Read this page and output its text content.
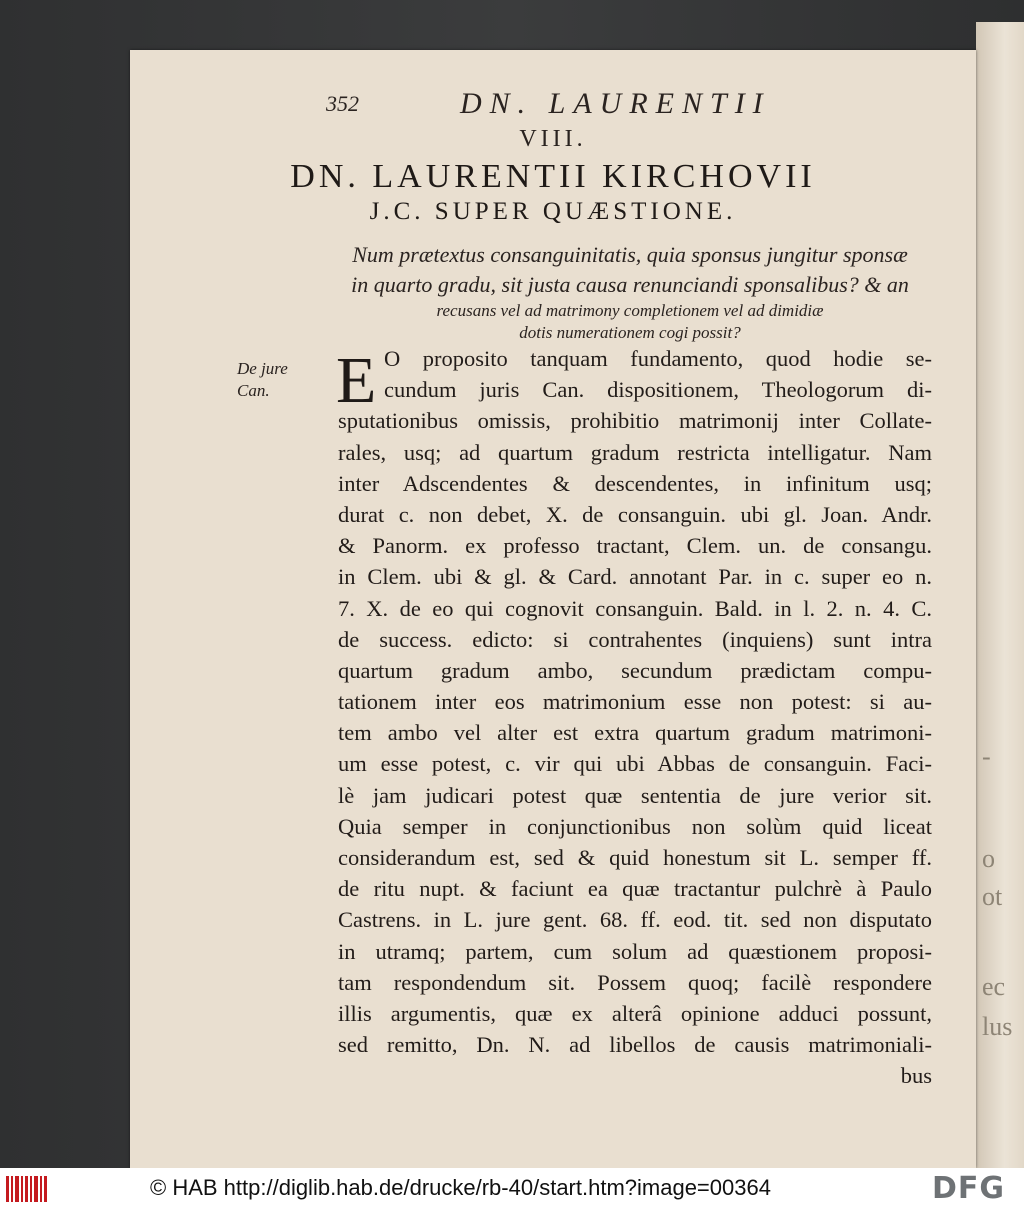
-
o
ot
ec
lus
352	DN. LAURENTII
VIII.
DN. LAURENTII KIRCHOVII
J.C. SUPER QUÆSTIONE.
Num prætextus consanguinitatis, quia sponsus jungitur sponsæ
in quarto gradu, sit justa causa renunciandi sponsalibus? & an
recusans vel ad matrimony completionem vel ad dimidiæ
dotis numerationem cogi possit?
De jure
Can. E O proposito tanquam fundamento, quod hodie se-
cundum juris Can. dispositionem, Theologorum di-
sputationibus omissis, prohibitio matrimonij inter Collate-
rales, usq; ad quartum gradum restricta intelligatur. Nam
inter Adscendentes & descendentes, in infinitum usq;
durat c. non debet, X. de consanguin. ubi gl. Joan. Andr.
& Panorm. ex professo tractant, Clem. un. de consangu.
in Clem. ubi & gl. & Card. annotant Par. in c. super eo n.
7. X. de eo qui cognovit consanguin. Bald. in l. 2. n. 4. C.
de success. edicto: si contrahentes (inquiens) sunt intra
quartum gradum ambo, secundum prædictam compu-
tationem inter eos matrimonium esse non potest: si au-
tem ambo vel alter est extra quartum gradum matrimoni-
um esse potest, c. vir qui ubi Abbas de consanguin. Faci-
lè jam judicari potest quæ sententia de jure verior sit.
Quia semper in conjunctionibus non solùm quid liceat
considerandum est, sed & quid honestum sit L. semper ff.
de ritu nupt. & faciunt ea quæ tractantur pulchrè à Paulo
Castrens. in L. jure gent. 68. ff. eod. tit. sed non disputato
in utramq; partem, cum solum ad quæstionem proposi-
tam respondendum sit. Possem quoq; facilè respondere
illis argumentis, quæ ex alterâ opinione adduci possunt,
sed remitto, Dn. N. ad libellos de causis matrimoniali-
bus
© HAB http://diglib.hab.de/drucke/rb-40/start.htm?image=00364	DFG
